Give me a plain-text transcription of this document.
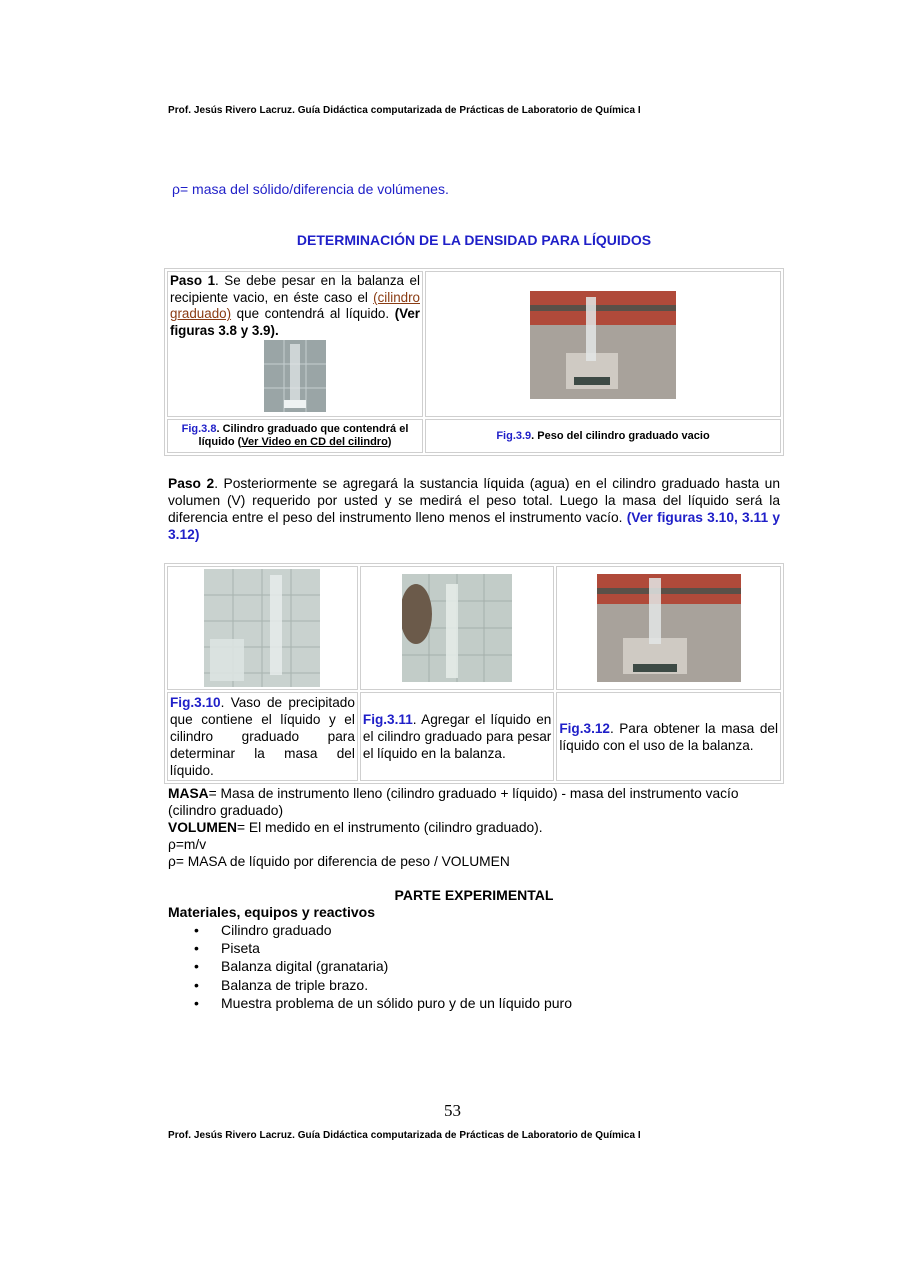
Prof. Jesús Rivero Lacruz. Guía Didáctica computarizada de Prácticas de Laboratorio de Química I
ρ= masa del sólido/diferencia de volúmenes.
DETERMINACIÓN DE LA DENSIDAD PARA LÍQUIDOS
Paso 1. Se debe pesar en la balanza el recipiente vacio, en éste caso el (cilindro graduado) que contendrá al líquido. (Ver figuras 3.8 y 3.9).

Fig.3.8. Cilindro graduado que contendrá el líquido (Ver Video en CD del cilindro)	Fig.3.9. Peso del cilindro graduado vacio
Paso 2. Posteriormente se agregará la sustancia líquida (agua) en el cilindro graduado hasta un volumen (V) requerido por usted y se medirá el peso total. Luego la masa del líquido será la diferencia entre el peso del instrumento lleno menos el instrumento vacío. (Ver figuras 3.10, 3.11 y 3.12)

Fig.3.10. Vaso de precipitado que contiene el líquido y el cilindro graduado para determinar la masa del líquido.	Fig.3.11. Agregar el líquido en el cilindro graduado para pesar el líquido en la balanza.	Fig.3.12. Para obtener la masa del líquido con el uso de la balanza.
MASA= Masa de instrumento lleno (cilindro graduado + líquido) - masa del instrumento vacío (cilindro graduado)
VOLUMEN= El medido en el instrumento (cilindro graduado).
ρ=m/v
ρ= MASA de líquido por diferencia de peso / VOLUMEN
PARTE EXPERIMENTAL
Materiales, equipos y reactivos
• Cilindro graduado
• Piseta
• Balanza digital (granataria)
• Balanza de triple brazo.
• Muestra problema de un sólido puro y de un líquido puro
53
Prof. Jesús Rivero Lacruz. Guía Didáctica computarizada de Prácticas de Laboratorio de Química I
